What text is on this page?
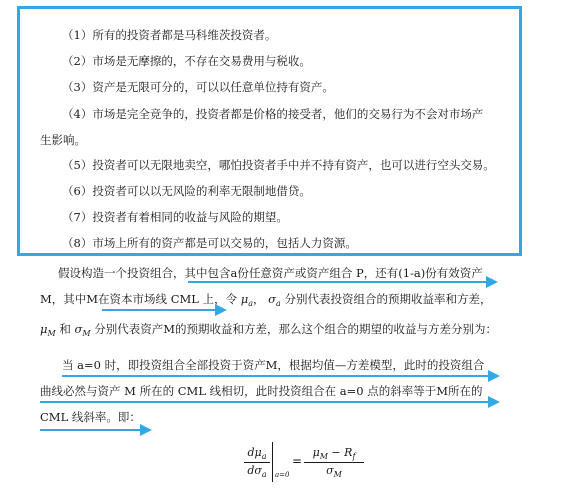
（1）所有的投资者都是马科维茨投资者。
（2）市场是无摩擦的，不存在交易费用与税收。
（3）资产是无限可分的，可以以任意单位持有资产。
（4）市场是完全竞争的，投资者都是价格的接受者，他们的交易行为不会对市场产
生影响。
（5）投资者可以无限地卖空，哪怕投资者手中并不持有资产，也可以进行空头交易。
（6）投资者可以以无风险的利率无限制地借贷。
（7）投资者有着相同的收益与风险的期望。
（8）市场上所有的资产都是可以交易的，包括人力资源。
假设构造一个投资组合，其中包含a份任意资产或资产组合 P，还有(1-a)份有效资产
M，其中M在资本市场线 CML 上，令 $\mu_a$， $\sigma_a$ 分别代表投资组合的预期收益率和方差，
$\mu_M$ 和 $\sigma_M$ 分别代表资产M的预期收益和方差，那么这个组合的期望的收益与方差分别为：
当 a=0 时，即投资组合全部投资于资产M，根据均值—方差模型，此时的投资组合
曲线必然与资产 M 所在的 CML 线相切，此时投资组合在 a=0 点的斜率等于M所在的
CML 线斜率。即：
$d\mu_a$
$d\sigma_a$	a=0
=
$\mu_M - R_f$
$\sigma_M$
